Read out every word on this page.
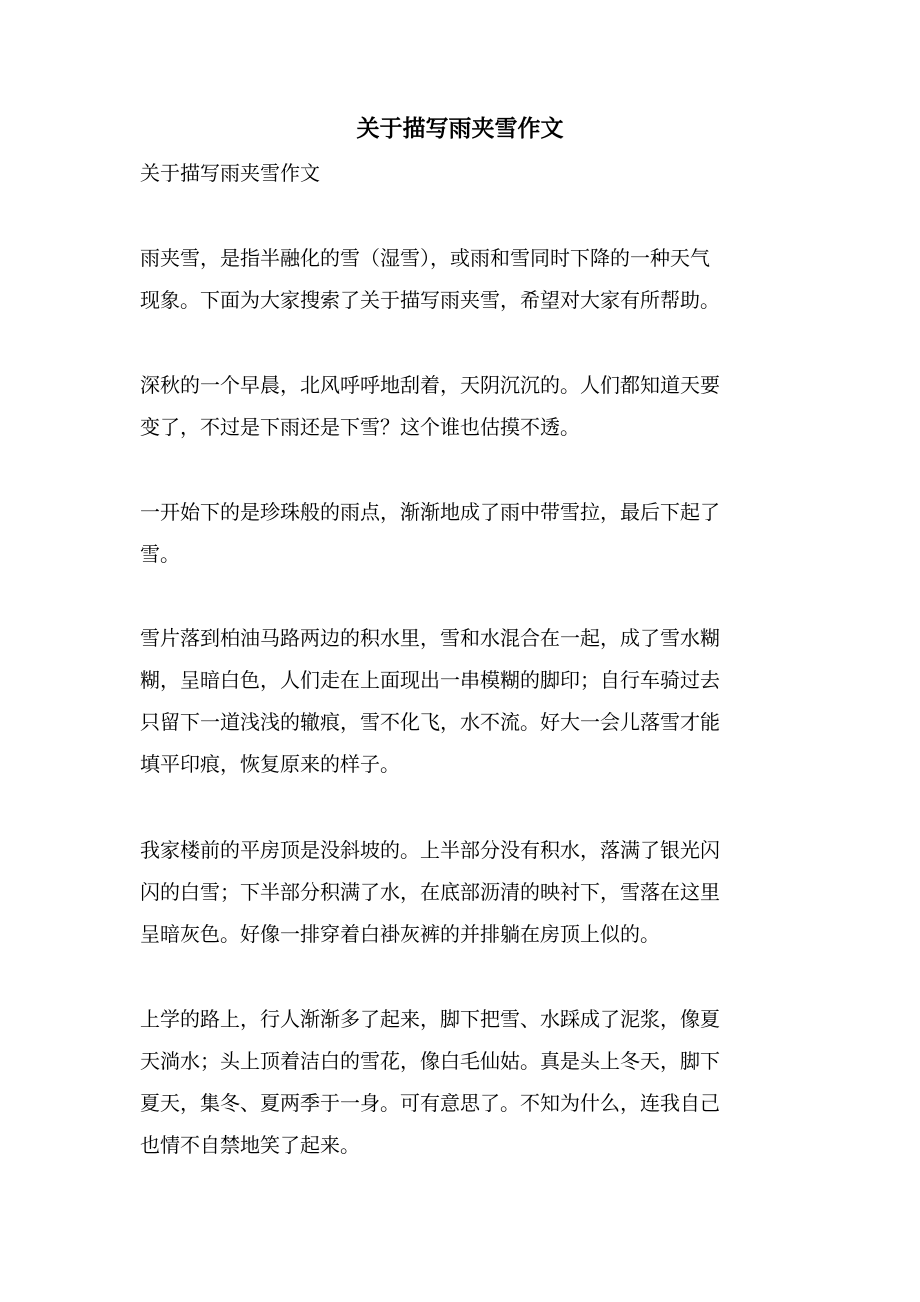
关于描写雨夹雪作文

关于描写雨夹雪作文

雨夹雪，是指半融化的雪（湿雪），或雨和雪同时下降的一种天气
现象。下面为大家搜索了关于描写雨夹雪，希望对大家有所帮助。

深秋的一个早晨，北风呼呼地刮着，天阴沉沉的。人们都知道天要
变了，不过是下雨还是下雪？这个谁也估摸不透。

一开始下的是珍珠般的雨点，渐渐地成了雨中带雪拉，最后下起了
雪。

雪片落到柏油马路两边的积水里，雪和水混合在一起，成了雪水糊
糊，呈暗白色，人们走在上面现出一串模糊的脚印；自行车骑过去
只留下一道浅浅的辙痕，雪不化飞，水不流。好大一会儿落雪才能
填平印痕，恢复原来的样子。

我家楼前的平房顶是没斜坡的。上半部分没有积水，落满了银光闪
闪的白雪；下半部分积满了水，在底部沥清的映衬下，雪落在这里
呈暗灰色。好像一排穿着白褂灰裤的并排躺在房顶上似的。

上学的路上，行人渐渐多了起来，脚下把雪、水踩成了泥浆，像夏
天淌水；头上顶着洁白的雪花，像白毛仙姑。真是头上冬天，脚下
夏天，集冬、夏两季于一身。可有意思了。不知为什么，连我自己
也情不自禁地笑了起来。
